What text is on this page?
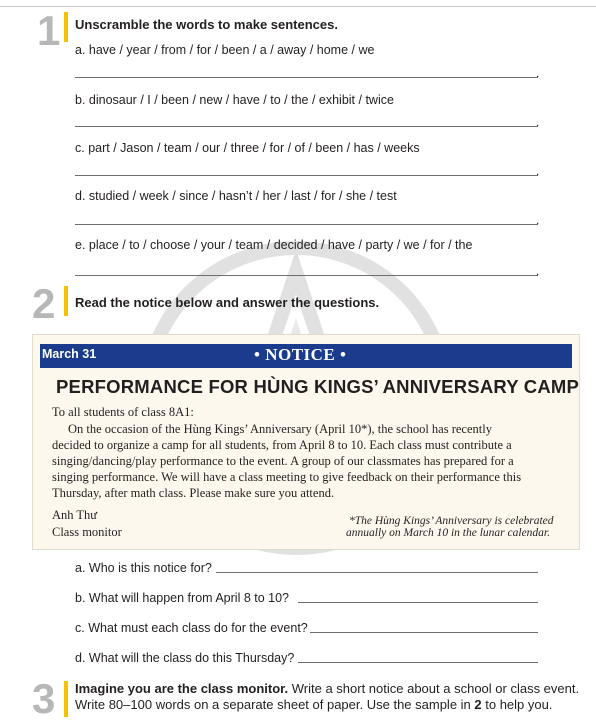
1 Unscramble the words to make sentences.
a. have / year / from / for / been / a / away / home / we
.
b. dinosaur / I / been / new / have / to / the / exhibit / twice
.
c. part / Jason / team / our / three / for / of / been / has / weeks
.
d. studied / week / since / hasn’t / her / last / for / she / test
.
e. place / to / choose / your / team / decided / have / party / we / for / the
.
2 Read the notice below and answer the questions.
March 31	• NOTICE •
PERFORMANCE FOR HÙNG KINGS’ ANNIVERSARY CAMP
To all students of class 8A1:
On the occasion of the Hùng Kings’ Anniversary (April 10*), the school has recently
decided to organize a camp for all students, from April 8 to 10. Each class must contribute a
singing/dancing/play performance to the event. A group of our classmates has prepared for a
singing performance. We will have a class meeting to give feedback on their performance this
Thursday, after math class. Please make sure you attend.
Anh Thư
Class monitor
*The Hùng Kings’ Anniversary is celebrated
annually on March 10 in the lunar calendar.
a. Who is this notice for?
b. What will happen from April 8 to 10?
c. What must each class do for the event?
d. What will the class do this Thursday?
3 Imagine you are the class monitor. Write a short notice about a school or class event.
Write 80–100 words on a separate sheet of paper. Use the sample in 2 to help you.
